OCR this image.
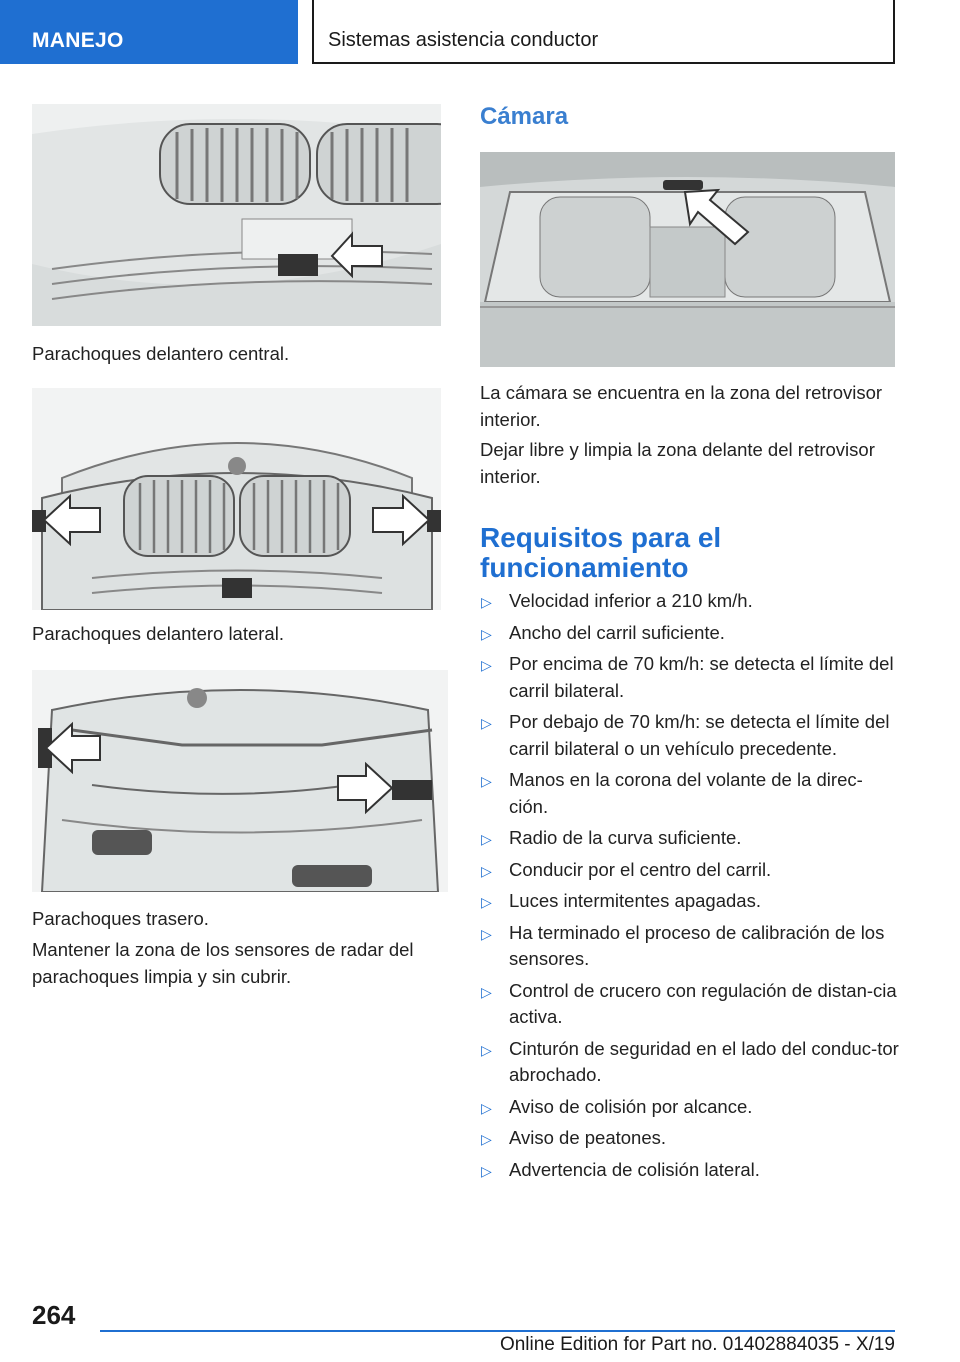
MANEJO	Sistemas asistencia conductor
Parachoques delantero central.
Parachoques delantero lateral.
Parachoques trasero.
Mantener la zona de los sensores de radar del parachoques limpia y sin cubrir.
Cámara
La cámara se encuentra en la zona del retrovisor interior.
Dejar libre y limpia la zona delante del retrovisor interior.
Requisitos para el funcionamiento
▷ Velocidad inferior a 210 km/h.
▷ Ancho del carril suficiente.
▷ Por encima de 70 km/h: se detecta el límite del carril bilateral.
▷ Por debajo de 70 km/h: se detecta el límite del carril bilateral o un vehículo precedente.
▷ Manos en la corona del volante de la direc‐ción.
▷ Radio de la curva suficiente.
▷ Conducir por el centro del carril.
▷ Luces intermitentes apagadas.
▷ Ha terminado el proceso de calibración de los sensores.
▷ Control de crucero con regulación de distan‐cia activa.
▷ Cinturón de seguridad en el lado del conduc‐tor abrochado.
▷ Aviso de colisión por alcance.
▷ Aviso de peatones.
▷ Advertencia de colisión lateral.
264
Online Edition for Part no. 01402884035 - X/19
